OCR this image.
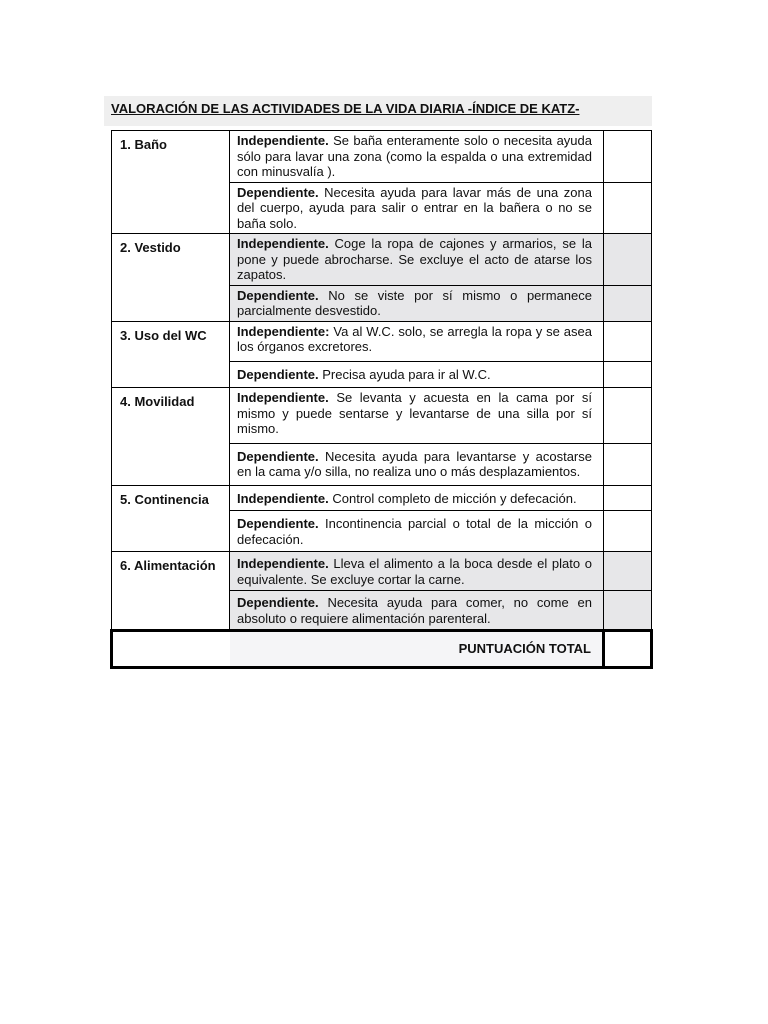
VALORACIÓN DE LAS ACTIVIDADES DE LA VIDA DIARIA -ÍNDICE DE KATZ-
1. Baño	Independiente. Se baña enteramente solo o necesita ayuda sólo para lavar una zona (como la espalda o una extremidad con minusvalía ).	
	Dependiente. Necesita ayuda para lavar más de una zona del cuerpo, ayuda para salir o entrar en la bañera o no se baña solo.	
2. Vestido	Independiente. Coge la ropa de cajones y armarios, se la pone y puede abrocharse. Se excluye el acto de atarse los zapatos.	
	Dependiente. No se viste por sí mismo o permanece parcialmente desvestido.	
3. Uso del WC	Independiente: Va al W.C. solo, se arregla la ropa y se asea los órganos excretores.	
	Dependiente. Precisa ayuda para ir al W.C.	
4. Movilidad	Independiente. Se levanta y acuesta en la cama por sí mismo y puede sentarse y levantarse de una silla por sí mismo.	
	Dependiente. Necesita ayuda para levantarse y acostarse en la cama y/o silla, no realiza uno o más desplazamientos.	
5. Continencia	Independiente. Control completo de micción y defecación.	
	Dependiente. Incontinencia parcial o total de la micción o defecación.	
6. Alimentación	Independiente. Lleva el alimento a la boca desde el plato o equivalente. Se excluye cortar la carne.	
	Dependiente. Necesita ayuda para comer, no come en absoluto o requiere alimentación parenteral.	
	PUNTUACIÓN TOTAL	
